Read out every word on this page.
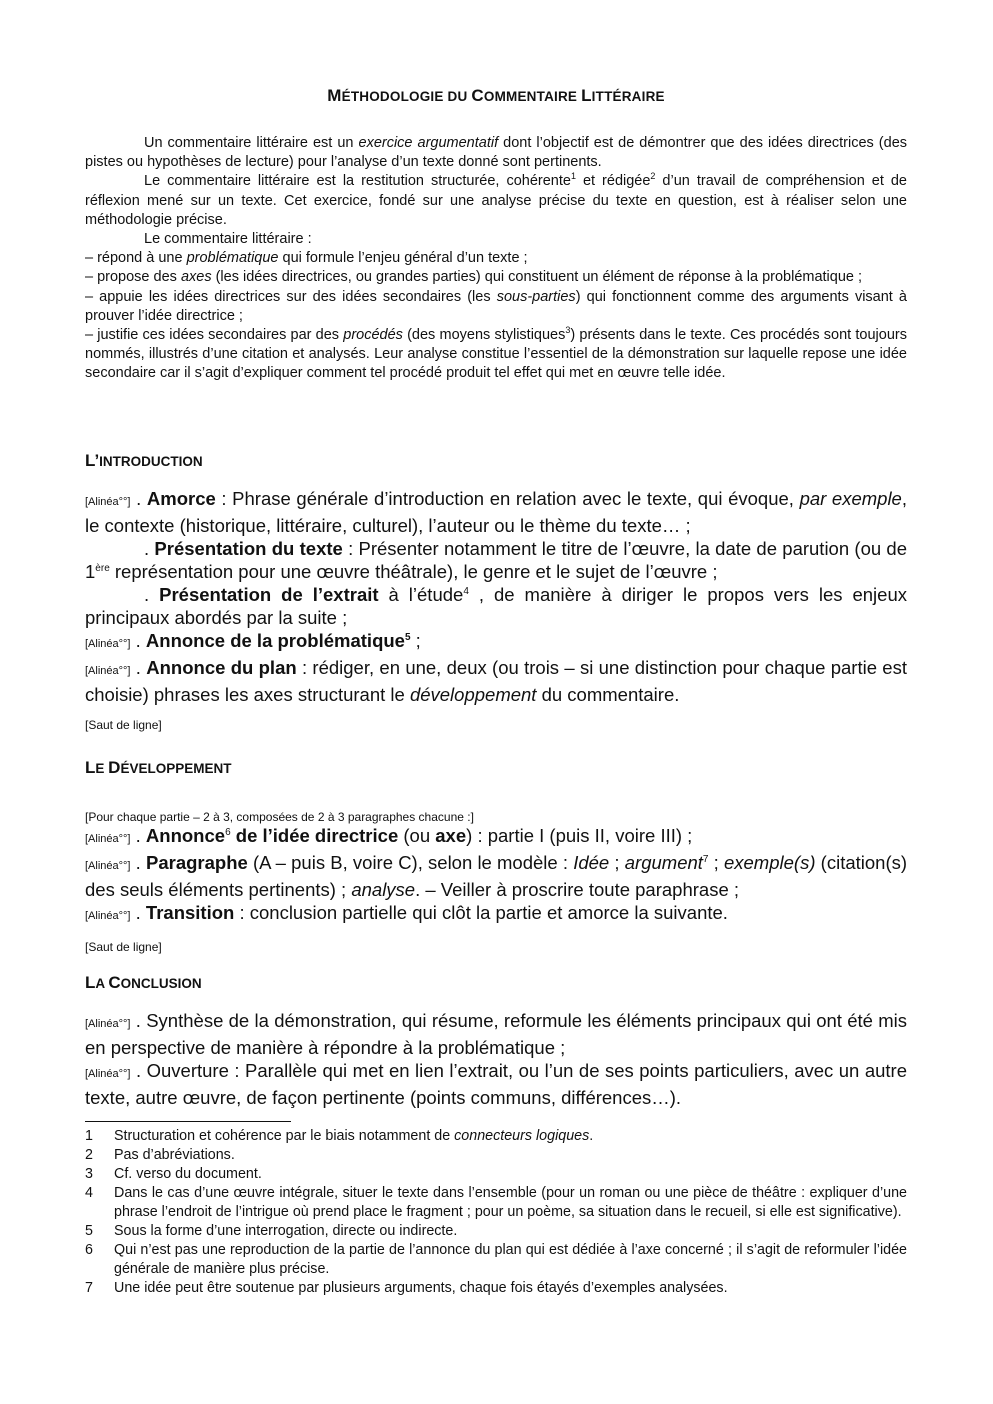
MÉTHODOLOGIE DU COMMENTAIRE LITTÉRAIRE

Un commentaire littéraire est un exercice argumentatif dont l’objectif est de démontrer que des idées directrices (des pistes ou hypothèses de lecture) pour l’analyse d’un texte donné sont pertinents.

Le commentaire littéraire est la restitution structurée, cohérente$^1$ et rédigée$^2$ d’un travail de compréhension et de réflexion mené sur un texte. Cet exercice, fondé sur une analyse précise du texte en question, est à réaliser selon une méthodologie précise.

Le commentaire littéraire :

– répond à une problématique qui formule l’enjeu général d’un texte ;

– propose des axes (les idées directrices, ou grandes parties) qui constituent un élément de réponse à la problématique ;

– appuie les idées directrices sur des idées secondaires (les sous-parties) qui fonctionnent comme des arguments visant à prouver l’idée directrice ;

– justifie ces idées secondaires par des procédés (des moyens stylistiques$^3$) présents dans le texte. Ces procédés sont toujours nommés, illustrés d’une citation et analysés. Leur analyse constitue l’essentiel de la démonstration sur laquelle repose une idée secondaire car il s’agit d’expliquer comment tel procédé produit tel effet qui met en œuvre telle idée.

L’INTRODUCTION

[Alinéa°°] . Amorce : Phrase générale d’introduction en relation avec le texte, qui évoque, par exemple, le contexte (historique, littéraire, culturel), l’auteur ou le thème du texte… ;

. Présentation du texte : Présenter notamment le titre de l’œuvre, la date de parution (ou de 1ère représentation pour une œuvre théâtrale), le genre et le sujet de l’œuvre ;

. Présentation de l’extrait à l’étude$^4$ , de manière à diriger le propos vers les enjeux principaux abordés par la suite ;

[Alinéa°°] . Annonce de la problématique$^5$ ;

[Alinéa°°] . Annonce du plan : rédiger, en une, deux (ou trois – si une distinction pour chaque partie est choisie) phrases les axes structurant le développement du commentaire.

[Saut de ligne]
LE DÉVELOPPEMENT
[Pour chaque partie – 2 à 3, composées de 2 à 3 paragraphes chacune :]

[Alinéa°°] . Annonce$^6$ de l’idée directrice (ou axe) : partie I (puis II, voire III) ;

[Alinéa°°] . Paragraphe (A – puis B, voire C), selon le modèle : Idée ; argument$^7$ ; exemple(s) (citation(s) des seuls éléments pertinents) ; analyse. – Veiller à proscrire toute paraphrase ;

[Alinéa°°] . Transition : conclusion partielle qui clôt la partie et amorce la suivante.

[Saut de ligne]
LA CONCLUSION

[Alinéa°°] . Synthèse de la démonstration, qui résume, reformule les éléments principaux qui ont été mis en perspective de manière à répondre à la problématique ;

[Alinéa°°] . Ouverture : Parallèle qui met en lien l’extrait, ou l’un de ses points particuliers, avec un autre texte, autre œuvre, de façon pertinente (points communs, différences…).

1	Structuration et cohérence par le biais notamment de connecteurs logiques.
2	Pas d’abréviations.
3	Cf. verso du document.
4	Dans le cas d’une œuvre intégrale, situer le texte dans l’ensemble (pour un roman ou une pièce de théâtre : expliquer d’une phrase l’endroit de l’intrigue où prend place le fragment ; pour un poème, sa situation dans le recueil, si elle est significative).
5	Sous la forme d’une interrogation, directe ou indirecte.
6	Qui n’est pas une reproduction de la partie de l’annonce du plan qui est dédiée à l’axe concerné ; il s’agit de reformuler l’idée générale de manière plus précise.
7	Une idée peut être soutenue par plusieurs arguments, chaque fois étayés d’exemples analysées.
